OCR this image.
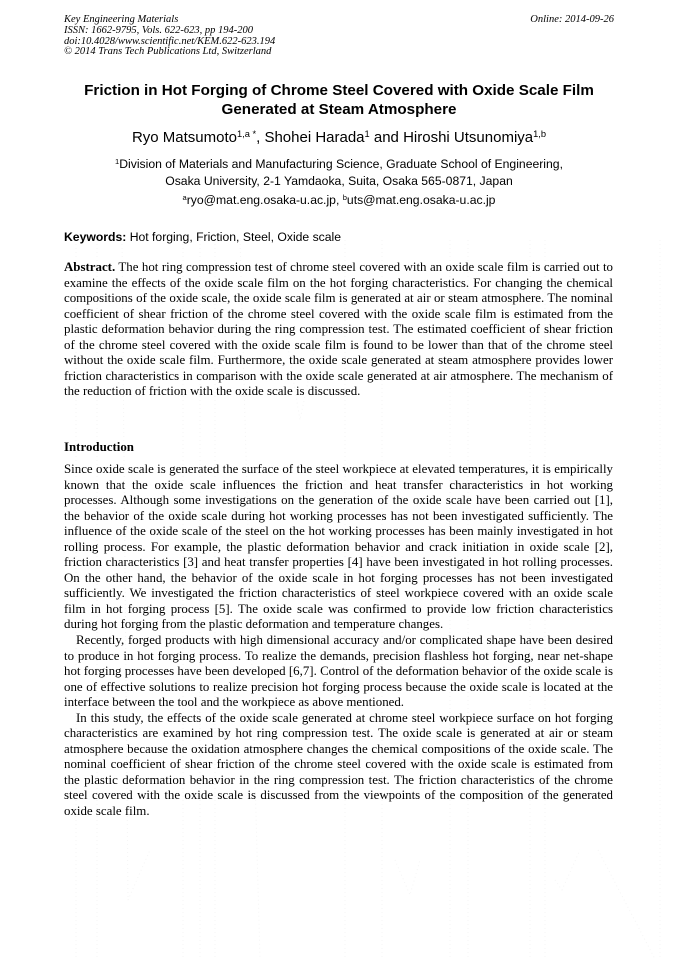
Key Engineering Materials
ISSN: 1662-9795, Vols. 622-623, pp 194-200
doi:10.4028/www.scientific.net/KEM.622-623.194
© 2014 Trans Tech Publications Ltd, Switzerland
Online: 2014-09-26
Friction in Hot Forging of Chrome Steel Covered with Oxide Scale Film
Generated at Steam Atmosphere
Ryo Matsumoto$^{1,a *}$, Shohei Harada$^1$ and Hiroshi Utsunomiya$^{1,b}$
$^1$Division of Materials and Manufacturing Science, Graduate School of Engineering,
Osaka University, 2-1 Yamdaoka, Suita, Osaka 565-0871, Japan
$^a$ryo@mat.eng.osaka-u.ac.jp, $^b$uts@mat.eng.osaka-u.ac.jp
Keywords: Hot forging, Friction, Steel, Oxide scale

Abstract. The hot ring compression test of chrome steel covered with an oxide scale film is carried out to examine the effects of the oxide scale film on the hot forging characteristics. For changing the chemical compositions of the oxide scale, the oxide scale film is generated at air or steam atmosphere. The nominal coefficient of shear friction of the chrome steel covered with the oxide scale film is estimated from the plastic deformation behavior during the ring compression test. The estimated coefficient of shear friction of the chrome steel covered with the oxide scale film is found to be lower than that of the chrome steel without the oxide scale film. Furthermore, the oxide scale generated at steam atmosphere provides lower friction characteristics in comparison with the oxide scale generated at air atmosphere. The mechanism of the reduction of friction with the oxide scale is discussed.

Introduction

Since oxide scale is generated the surface of the steel workpiece at elevated temperatures, it is empirically known that the oxide scale influences the friction and heat transfer characteristics in hot working processes. Although some investigations on the generation of the oxide scale have been carried out [1], the behavior of the oxide scale during hot working processes has not been investigated sufficiently. The influence of the oxide scale of the steel on the hot working processes has been mainly investigated in hot rolling process. For example, the plastic deformation behavior and crack initiation in oxide scale [2], friction characteristics [3] and heat transfer properties [4] have been investigated in hot rolling processes. On the other hand, the behavior of the oxide scale in hot forging processes has not been investigated sufficiently. We investigated the friction characteristics of steel workpiece covered with an oxide scale film in hot forging process [5]. The oxide scale was confirmed to provide low friction characteristics during hot forging from the plastic deformation and temperature changes.

Recently, forged products with high dimensional accuracy and/or complicated shape have been desired to produce in hot forging process. To realize the demands, precision flashless hot forging, near net-shape hot forging processes have been developed [6,7]. Control of the deformation behavior of the oxide scale is one of effective solutions to realize precision hot forging process because the oxide scale is located at the interface between the tool and the workpiece as above mentioned.

In this study, the effects of the oxide scale generated at chrome steel workpiece surface on hot forging characteristics are examined by hot ring compression test. The oxide scale is generated at air or steam atmosphere because the oxidation atmosphere changes the chemical compositions of the oxide scale. The nominal coefficient of shear friction of the chrome steel covered with the oxide scale is estimated from the plastic deformation behavior in the ring compression test. The friction characteristics of the chrome steel covered with the oxide scale is discussed from the viewpoints of the composition of the generated oxide scale film.
